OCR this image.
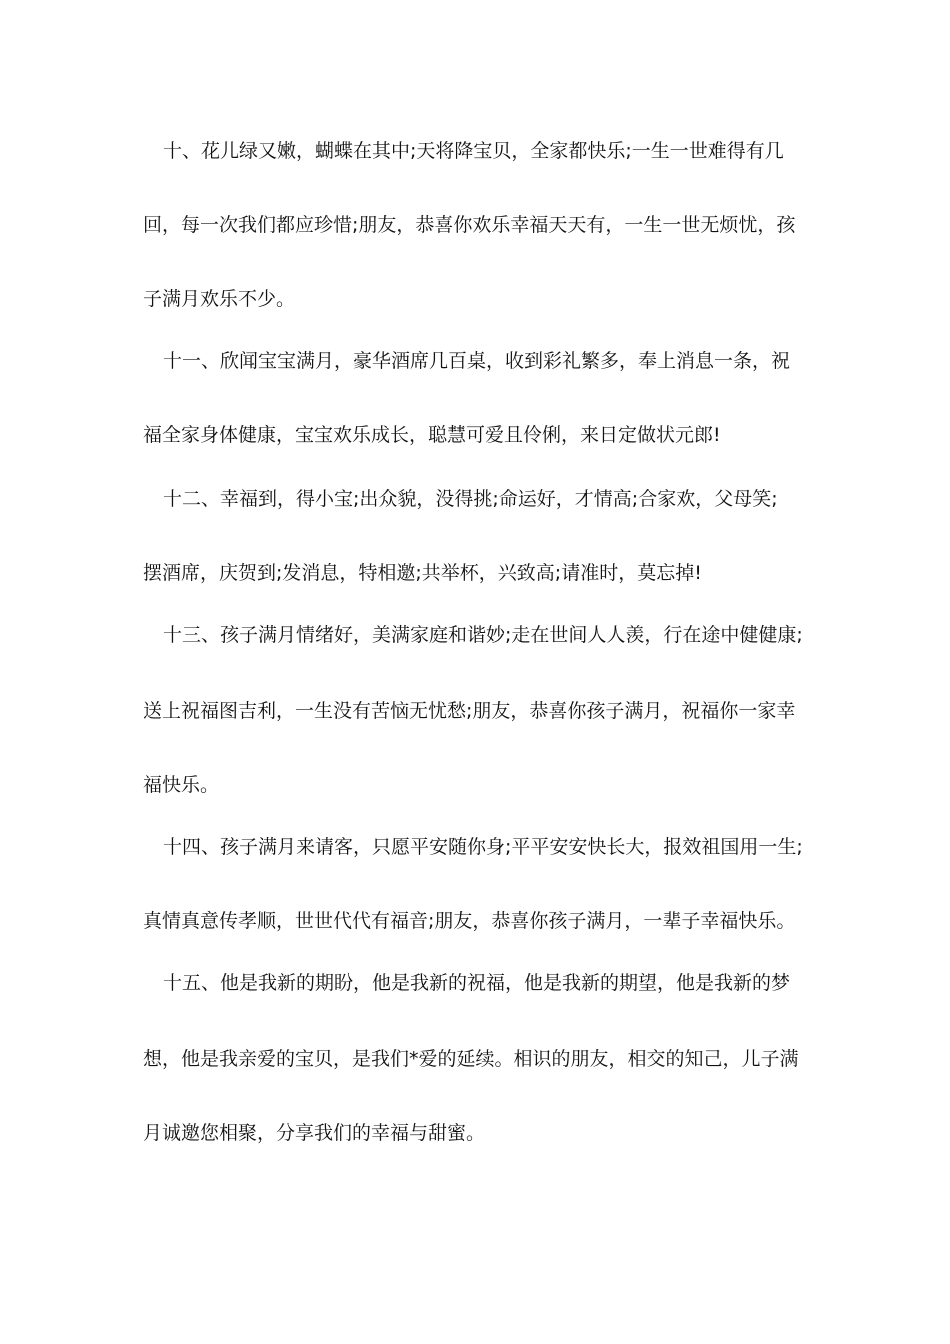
十、花儿绿又嫩，蝴蝶在其中;天将降宝贝，全家都快乐;一生一世难得有几
回，每一次我们都应珍惜;朋友，恭喜你欢乐幸福天天有，一生一世无烦忧，孩
子满月欢乐不少。
十一、欣闻宝宝满月，豪华酒席几百桌，收到彩礼繁多，奉上消息一条，祝
福全家身体健康，宝宝欢乐成长，聪慧可爱且伶俐，来日定做状元郎!
十二、幸福到，得小宝;出众貌，没得挑;命运好，才情高;合家欢，父母笑;
摆酒席，庆贺到;发消息，特相邀;共举杯，兴致高;请准时，莫忘掉!
十三、孩子满月情绪好，美满家庭和谐妙;走在世间人人羡，行在途中健健康;
送上祝福图吉利，一生没有苦恼无忧愁;朋友，恭喜你孩子满月，祝福你一家幸
福快乐。
十四、孩子满月来请客，只愿平安随你身;平平安安快长大，报效祖国用一生;
真情真意传孝顺，世世代代有福音;朋友，恭喜你孩子满月，一辈子幸福快乐。
十五、他是我新的期盼，他是我新的祝福，他是我新的期望，他是我新的梦
想，他是我亲爱的宝贝，是我们*爱的延续。相识的朋友，相交的知己，儿子满
月诚邀您相聚，分享我们的幸福与甜蜜。
